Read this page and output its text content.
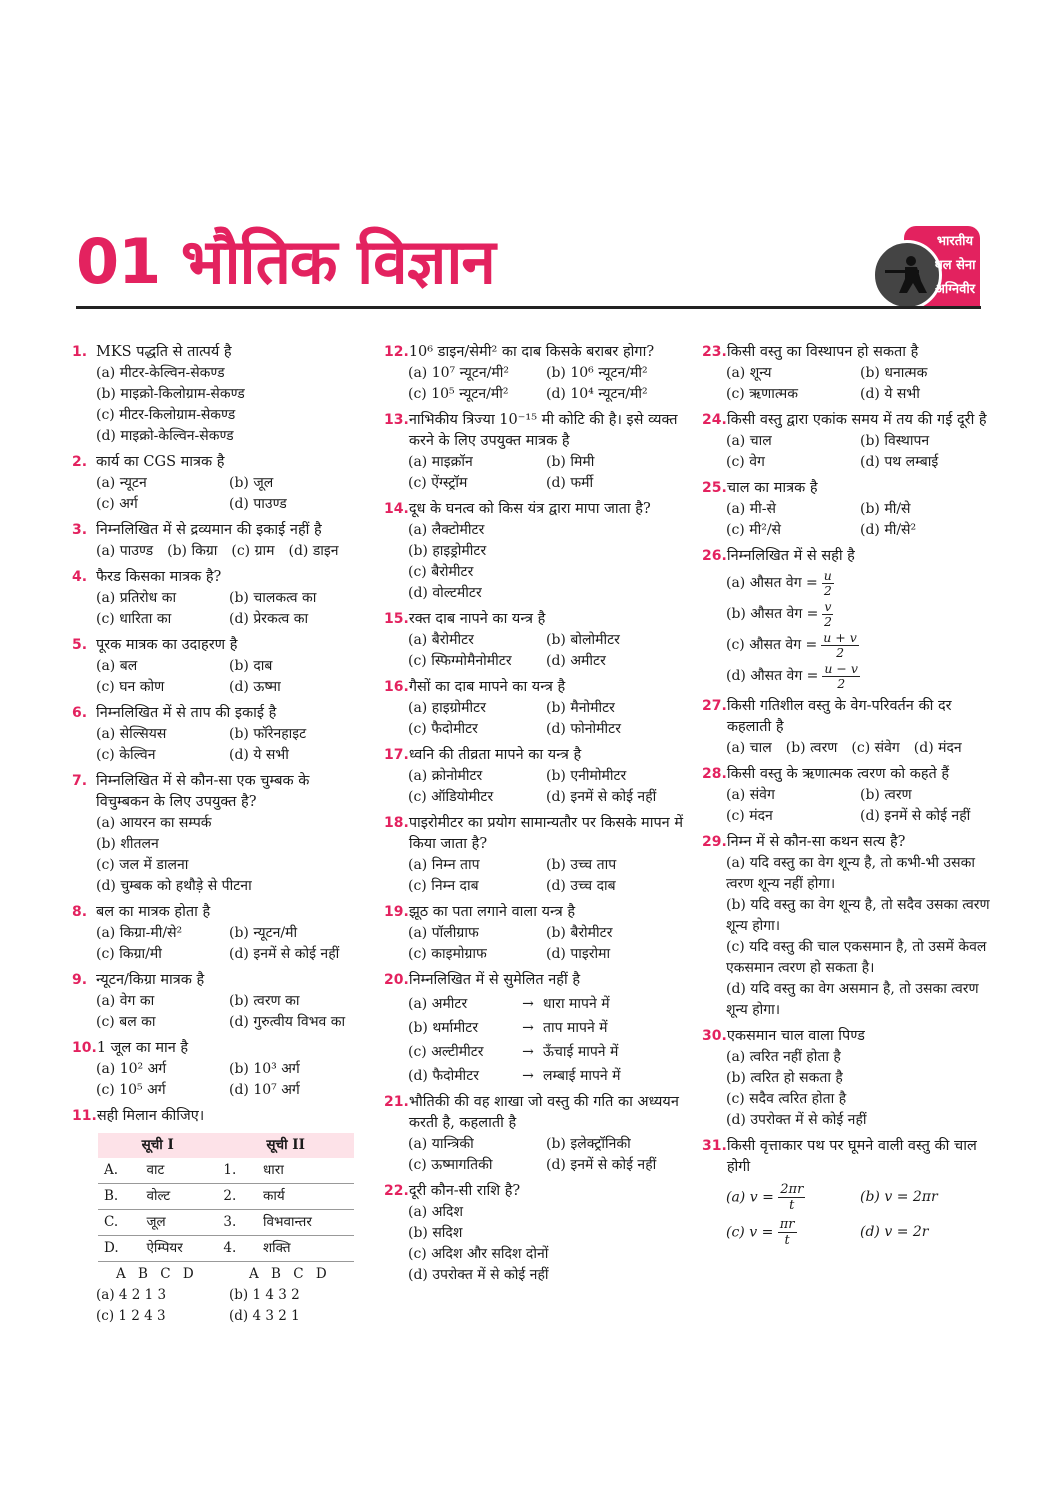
01 भौतिक विज्ञान	भारतीय
थल सेना
अग्निवीर
1. MKS पद्धति से तात्पर्य है
(a) मीटर-केल्विन-सेकण्ड
(b) माइक्रो-किलोग्राम-सेकण्ड
(c) मीटर-किलोग्राम-सेकण्ड
(d) माइक्रो-केल्विन-सेकण्ड
2. कार्य का CGS मात्रक है
(a) न्यूटन	(b) जूल
(c) अर्ग	(d) पाउण्ड
3. निम्नलिखित में से द्रव्यमान की इकाई नहीं है
(a) पाउण्ड (b) किग्रा (c) ग्राम (d) डाइन
4. फैरड किसका मात्रक है?
(a) प्रतिरोध का	(b) चालकत्व का
(c) धारिता का	(d) प्रेरकत्व का
5. पूरक मात्रक का उदाहरण है
(a) बल	(b) दाब
(c) घन कोण	(d) ऊष्मा
6. निम्नलिखित में से ताप की इकाई है
(a) सेल्सियस	(b) फॉरेनहाइट
(c) केल्विन	(d) ये सभी
7. निम्नलिखित में से कौन-सा एक चुम्बक के विचुम्बकन के लिए उपयुक्त है?
(a) आयरन का सम्पर्क
(b) शीतलन
(c) जल में डालना
(d) चुम्बक को हथौड़े से पीटना
8. बल का मात्रक होता है
(a) किग्रा-मी/से²	(b) न्यूटन/मी
(c) किग्रा/मी	(d) इनमें से कोई नहीं
9. न्यूटन/किग्रा मात्रक है
(a) वेग का	(b) त्वरण का
(c) बल का	(d) गुरुत्वीय विभव का
10. 1 जूल का मान है
(a) 10² अर्ग	(b) 10³ अर्ग
(c) 10⁵ अर्ग	(d) 10⁷ अर्ग
11. सही मिलान कीजिए।
सूची I		सूची II	
A.	वाट	1.	धारा
B.	वोल्ट	2.	कार्य
C.	जूल	3.	विभवान्तर
D.	ऐम्पियर	4.	शक्ति
A B C D	A B C D
(a) 4 2 1 3	(b) 1 4 3 2
(c) 1 2 4 3	(d) 4 3 2 1
12. 10⁶ डाइन/सेमी² का दाब किसके बराबर होगा?
(a) 10⁷ न्यूटन/मी²	(b) 10⁶ न्यूटन/मी²
(c) 10⁵ न्यूटन/मी²	(d) 10⁴ न्यूटन/मी²
13. नाभिकीय त्रिज्या 10⁻¹⁵ मी कोटि की है। इसे व्यक्त करने के लिए उपयुक्त मात्रक है
(a) माइक्रॉन	(b) मिमी
(c) ऐंग्स्ट्रॉम	(d) फर्मी
14. दूध के घनत्व को किस यंत्र द्वारा मापा जाता है?
(a) लैक्टोमीटर
(b) हाइड्रोमीटर
(c) बैरोमीटर
(d) वोल्टमीटर
15. रक्त दाब नापने का यन्त्र है
(a) बैरोमीटर	(b) बोलोमीटर
(c) स्फिग्मोमैनोमीटर	(d) अमीटर
16. गैसों का दाब मापने का यन्त्र है
(a) हाइग्रोमीटर	(b) मैनोमीटर
(c) फैदोमीटर	(d) फोनोमीटर
17. ध्वनि की तीव्रता मापने का यन्त्र है
(a) क्रोनोमीटर	(b) एनीमोमीटर
(c) ऑडियोमीटर	(d) इनमें से कोई नहीं
18. पाइरोमीटर का प्रयोग सामान्यतौर पर किसके मापन में किया जाता है?
(a) निम्न ताप	(b) उच्च ताप
(c) निम्न दाब	(d) उच्च दाब
19. झूठ का पता लगाने वाला यन्त्र है
(a) पॉलीग्राफ	(b) बैरोमीटर
(c) काइमोग्राफ	(d) पाइरोमा
20. निम्नलिखित में से सुमेलित नहीं है
(a) अमीटर	→ धारा मापने में
(b) थर्मामीटर	→ ताप मापने में
(c) अल्टीमीटर	→ ऊँचाई मापने में
(d) फैदोमीटर	→ लम्बाई मापने में
21. भौतिकी की वह शाखा जो वस्तु की गति का अध्ययन करती है, कहलाती है
(a) यान्त्रिकी	(b) इलेक्ट्रॉनिकी
(c) ऊष्मागतिकी	(d) इनमें से कोई नहीं
22. दूरी कौन-सी राशि है?
(a) अदिश
(b) सदिश
(c) अदिश और सदिश दोनों
(d) उपरोक्त में से कोई नहीं
23. किसी वस्तु का विस्थापन हो सकता है
(a) शून्य	(b) धनात्मक
(c) ऋणात्मक	(d) ये सभी
24. किसी वस्तु द्वारा एकांक समय में तय की गई दूरी है
(a) चाल	(b) विस्थापन
(c) वेग	(d) पथ लम्बाई
25. चाल का मात्रक है
(a) मी-से	(b) मी/से
(c) मी²/से	(d) मी/से²
26. निम्नलिखित में से सही है
(a) औसत वेग = $\frac{u}{2}$
(b) औसत वेग = $\frac{v}{2}$
(c) औसत वेग = $\frac{u + v}{2}$
(d) औसत वेग = $\frac{u - v}{2}$
27. किसी गतिशील वस्तु के वेग-परिवर्तन की दर कहलाती है
(a) चाल (b) त्वरण (c) संवेग (d) मंदन
28. किसी वस्तु के ऋणात्मक त्वरण को कहते हैं
(a) संवेग	(b) त्वरण
(c) मंदन	(d) इनमें से कोई नहीं
29. निम्न में से कौन-सा कथन सत्य है?
(a) यदि वस्तु का वेग शून्य है, तो कभी-भी उसका त्वरण शून्य नहीं होगा।
(b) यदि वस्तु का वेग शून्य है, तो सदैव उसका त्वरण शून्य होगा।
(c) यदि वस्तु की चाल एकसमान है, तो उसमें केवल एकसमान त्वरण हो सकता है।
(d) यदि वस्तु का वेग असमान है, तो उसका त्वरण शून्य होगा।
30. एकसमान चाल वाला पिण्ड
(a) त्वरित नहीं होता है
(b) त्वरित हो सकता है
(c) सदैव त्वरित होता है
(d) उपरोक्त में से कोई नहीं
31. किसी वृत्ताकार पथ पर घूमने वाली वस्तु की चाल होगी
(a) $v = \frac{2\pi r}{t}$	(b) v = 2πr
(c) $v = \frac{\pi r}{t}$	(d) v = 2r
